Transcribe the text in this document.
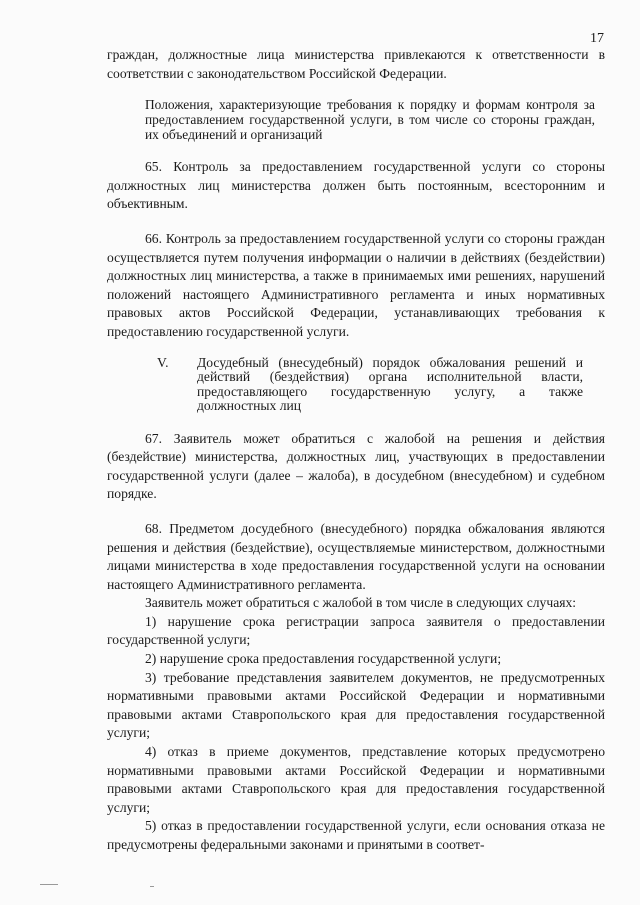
17

граждан, должностные лица министерства привлекаются к ответственности в соответствии с законодательством Российской Федерации.

Положения, характеризующие требования к порядку и формам контроля за предоставлением государственной услуги, в том числе со стороны граждан, их объединений и организаций

65. Контроль за предоставлением государственной услуги со стороны должностных лиц министерства должен быть постоянным, всесторонним и объективным.

66. Контроль за предоставлением государственной услуги со стороны граждан осуществляется путем получения информации о наличии в действиях (бездействии) должностных лиц министерства, а также в принимаемых ими решениях, нарушений положений настоящего Административного регламента и иных нормативных правовых актов Российской Федерации, устанавливающих требования к предоставлению государственной услуги.

V. Досудебный (внесудебный) порядок обжалования решений и действий (бездействия) органа исполнительной власти, предоставляющего государственную услугу, а также должностных лиц

67. Заявитель может обратиться с жалобой на решения и действия (бездействие) министерства, должностных лиц, участвующих в предоставлении государственной услуги (далее – жалоба), в досудебном (внесудебном) и судебном порядке.

68. Предметом досудебного (внесудебного) порядка обжалования являются решения и действия (бездействие), осуществляемые министерством, должностными лицами министерства в ходе предоставления государственной услуги на основании настоящего Административного регламента.

Заявитель может обратиться с жалобой в том числе в следующих случаях:

1) нарушение срока регистрации запроса заявителя о предоставлении государственной услуги;

2) нарушение срока предоставления государственной услуги;

3) требование представления заявителем документов, не предусмотренных нормативными правовыми актами Российской Федерации и нормативными правовыми актами Ставропольского края для предоставления государственной услуги;

4) отказ в приеме документов, представление которых предусмотрено нормативными правовыми актами Российской Федерации и нормативными правовыми актами Ставропольского края для предоставления государственной услуги;

5) отказ в предоставлении государственной услуги, если основания отказа не предусмотрены федеральными законами и принятыми в соответ-
